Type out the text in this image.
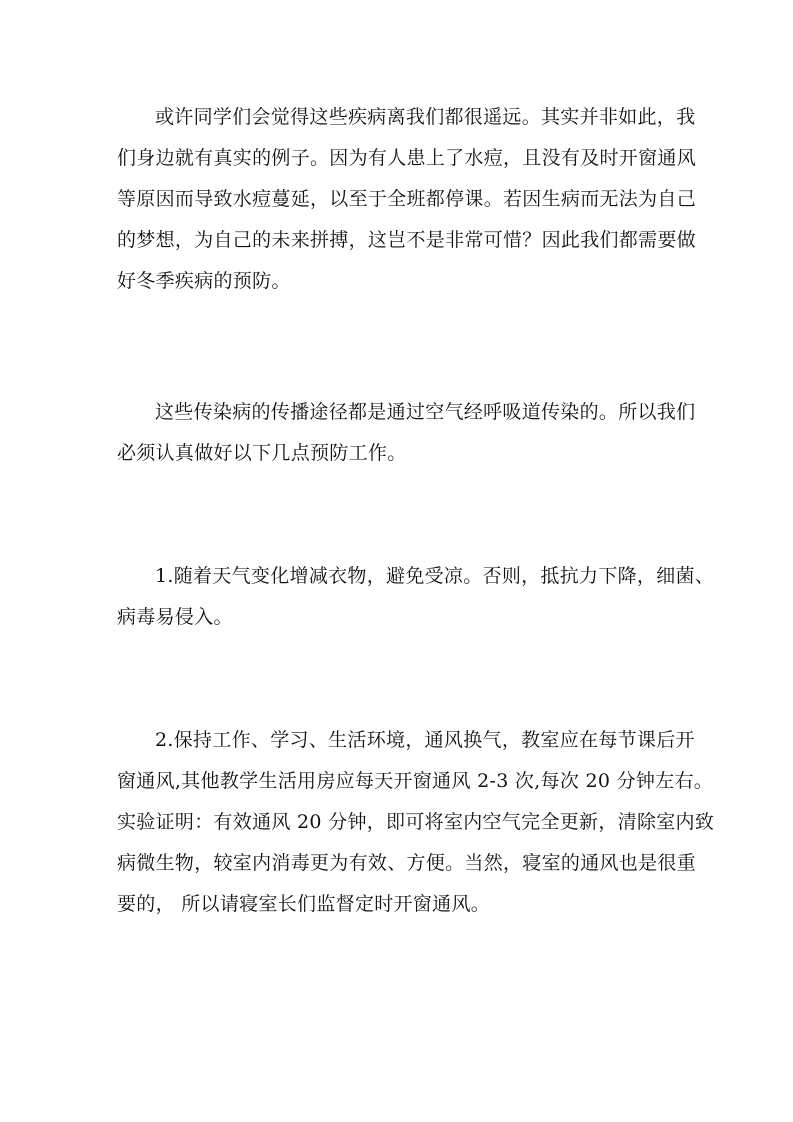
或许同学们会觉得这些疾病离我们都很遥远。其实并非如此，我
们身边就有真实的例子。因为有人患上了水痘，且没有及时开窗通风
等原因而导致水痘蔓延，以至于全班都停课。若因生病而无法为自己
的梦想，为自己的未来拼搏，这岂不是非常可惜？因此我们都需要做
好冬季疾病的预防。
这些传染病的传播途径都是通过空气经呼吸道传染的。所以我们
必须认真做好以下几点预防工作。
1.随着天气变化增减衣物，避免受凉。否则，抵抗力下降，细菌、
病毒易侵入。
2.保持工作、学习、生活环境，通风换气，教室应在每节课后开
窗通风,其他教学生活用房应每天开窗通风 2-3 次,每次 20 分钟左右。
实验证明：有效通风 20 分钟，即可将室内空气完全更新，清除室内致
病微生物，较室内消毒更为有效、方便。当然，寝室的通风也是很重
要的， 所以请寝室长们监督定时开窗通风。
